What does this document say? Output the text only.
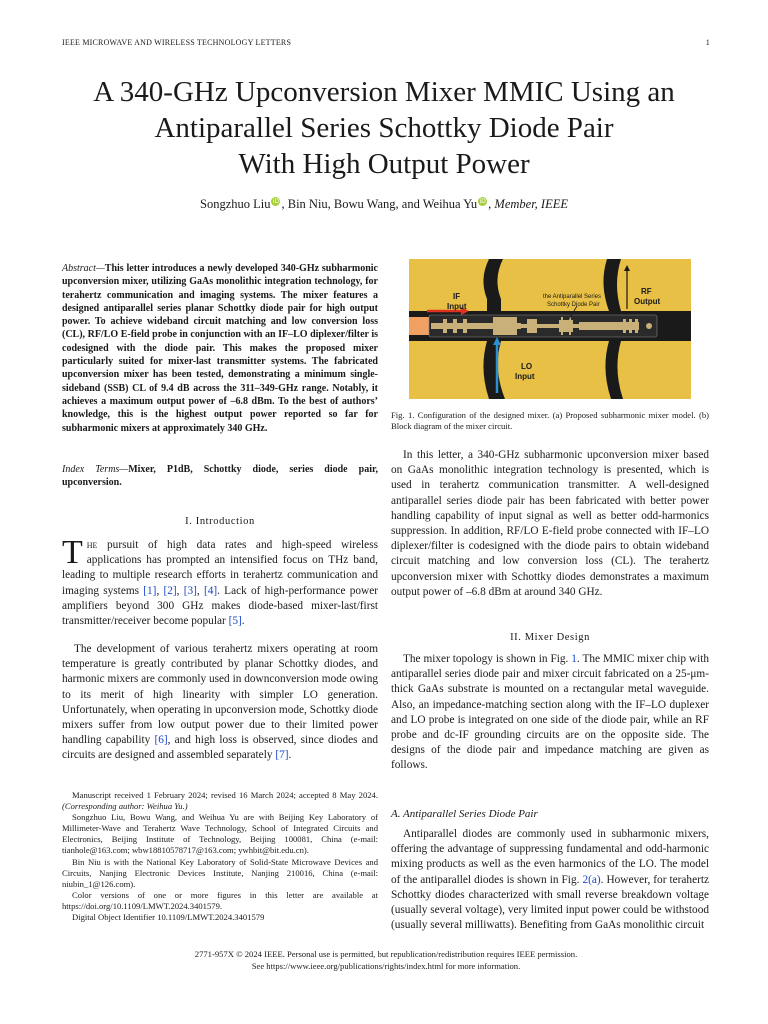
IEEE MICROWAVE AND WIRELESS TECHNOLOGY LETTERS	1
A 340-GHz Upconversion Mixer MMIC Using an
Antiparallel Series Schottky Diode Pair
With High Output Power
Songzhuo Liu iD , Bin Niu, Bowu Wang, and Weihua Yu iD , Member, IEEE
Abstract—This letter introduces a newly developed 340-GHz subharmonic upconversion mixer, utilizing GaAs monolithic integration technology, for terahertz communication and imaging systems. The mixer features a designed antiparallel series planar Schottky diode pair for high output power. To achieve wideband circuit matching and low conversion loss (CL), RF/LO E-field probe in conjunction with an IF–LO diplexer/filter is codesigned with the diode pair. This makes the proposed mixer particularly suited for mixer-last transmitter systems. The fabricated upconversion mixer has been tested, demonstrating a minimum single-sideband (SSB) CL of 9.4 dB across the 311–349-GHz range. Notably, it achieves a maximum output power of –6.8 dBm. To the best of authors’ knowledge, this is the highest output power reported so far for subharmonic mixers at approximately 340 GHz.
Index Terms—Mixer, P1dB, Schottky diode, series diode pair, upconversion.
I. Introduction
The pursuit of high data rates and high-speed wireless applications has prompted an intensified focus on THz band, leading to multiple research efforts in terahertz communication and imaging systems [1], [2], [3], [4]. Lack of high-performance power amplifiers beyond 300 GHz makes diode-based mixer-last/first transmitter/receiver become popular [5].
The development of various terahertz mixers operating at room temperature is greatly contributed by planar Schottky diodes, and harmonic mixers are commonly used in downconversion mode owing to its merit of high linearity with simpler LO generation. Unfortunately, when operating in upconversion mode, Schottky diode mixers suffer from low output power due to their limited power handling capability [6], and high loss is observed, since diodes and circuits are designed and assembled separately [7].

Manuscript received 1 February 2024; revised 16 March 2024; accepted 8 May 2024. (Corresponding author: Weihua Yu.)

Songzhuo Liu, Bowu Wang, and Weihua Yu are with Beijing Key Laboratory of Millimeter-Wave and Terahertz Wave Technology, School of Integrated Circuits and Electronics, Beijing Institute of Technology, Beijing 100081, China (e-mail: tianhole@163.com; wbw18810578717@163.com; ywhbit@bit.edu.cn).

Bin Niu is with the National Key Laboratory of Solid-State Microwave Devices and Circuits, Nanjing Electronic Devices Institute, Nanjing 210016, China (e-mail: niubin_1@126.com).

Color versions of one or more figures in this letter are available at https://doi.org/10.1109/LMWT.2024.3401579.

Digital Object Identifier 10.1109/LMWT.2024.3401579

IF
Input
the Antiparallel Series
Schottky Diode Pair
RF
Output
LO
Input
Fig. 1. Configuration of the designed mixer. (a) Proposed subharmonic mixer model. (b) Block diagram of the mixer circuit.
In this letter, a 340-GHz subharmonic upconversion mixer based on GaAs monolithic integration technology is presented, which is used in terahertz communication transmitter. A well-designed antiparallel series diode pair has been fabricated with better power handling capability of input signal as well as better odd-harmonics suppression. In addition, RF/LO E-field probe connected with IF–LO diplexer/filter is codesigned with the diode pairs to obtain wideband circuit matching and low conversion loss (CL). The terahertz upconversion mixer with Schottky diodes demonstrates a maximum output power of –6.8 dBm at around 340 GHz.
II. Mixer Design
The mixer topology is shown in Fig. 1. The MMIC mixer chip with antiparallel series diode pair and mixer circuit fabricated on a 25-μm-thick GaAs substrate is mounted on a rectangular metal waveguide. Also, an impedance-matching section along with the IF–LO duplexer and LO probe is integrated on one side of the diode pair, while an RF probe and dc-IF grounding circuits are on the opposite side. The designs of the diode pair and impedance matching are given as follows.
A. Antiparallel Series Diode Pair
Antiparallel diodes are commonly used in subharmonic mixers, offering the advantage of suppressing fundamental and odd-harmonic mixing products as well as the even harmonics of the LO. The model of the antiparallel diodes is shown in Fig. 2(a). However, for terahertz Schottky diodes characterized with small reverse breakdown voltage (usually several voltage), very limited input power could be withstood (usually several milliwatts). Benefiting from GaAs monolithic circuit

2771-957X © 2024 IEEE. Personal use is permitted, but republication/redistribution requires IEEE permission.

See https://www.ieee.org/publications/rights/index.html for more information.
